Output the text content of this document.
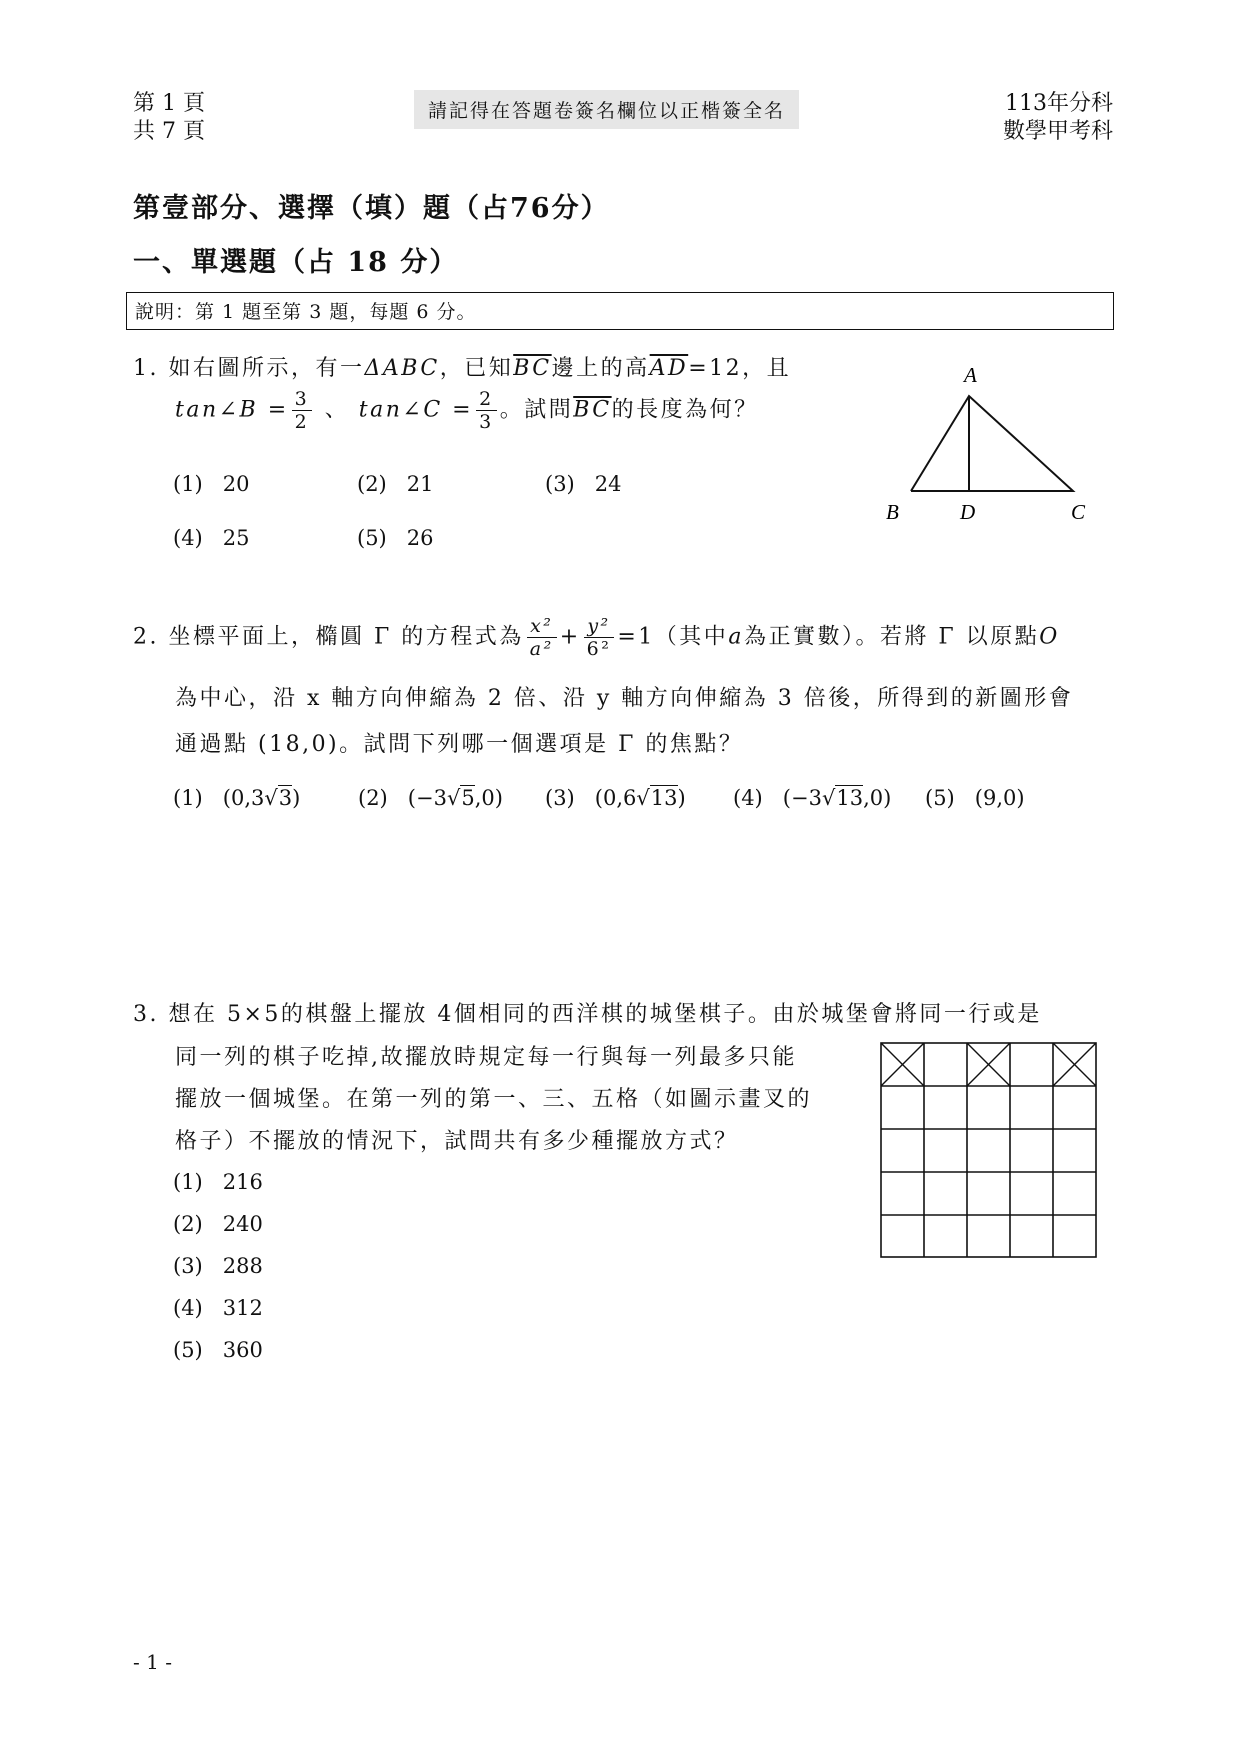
第 1 頁
共 7 頁
請記得在答題卷簽名欄位以正楷簽全名	113年分科
數學甲考科
第壹部分、選擇（填）題（占76分）
一、單選題（占 18 分）
說明：第 1 題至第 3 題，每題 6 分。
1. 如右圖所示，有一ΔABC，已知$\overline{BC}$邊上的高$\overline{AD}=12$，且
tan∠B = $\frac{3}{2}$ 、 tan∠C = $\frac{2}{3}$ 。試問$\overline{BC}$的長度為何？
(1) 20	(2) 21	(3) 24
(4) 25	(5) 26
A
B	D	C
2. 坐標平面上，橢圓 Γ 的方程式為 $\frac{\text{x²}}{\text{a²}} + \frac{\text{y²}}{\text{6²}} =1$（其中a為正實數）。若將 Γ 以原點O
為中心，沿 x 軸方向伸縮為 2 倍、沿 y 軸方向伸縮為 3 倍後，所得到的新圖形會
通過點 (18,0)。試問下列哪一個選項是 Γ 的焦點？
(1) (0,3√3)	(2) (−3√5,0) (3) (0,6√13) (4) (−3√13,0) (5) (9,0)
3. 想在 5×5的棋盤上擺放 4個相同的西洋棋的城堡棋子。由於城堡會將同一行或是
同一列的棋子吃掉,故擺放時規定每一行與每一列最多只能
擺放一個城堡。在第一列的第一、三、五格（如圖示畫叉的
格子）不擺放的情況下，試問共有多少種擺放方式？
(1) 216
(2) 240
(3) 288
(4) 312
(5) 360
- 1 -
